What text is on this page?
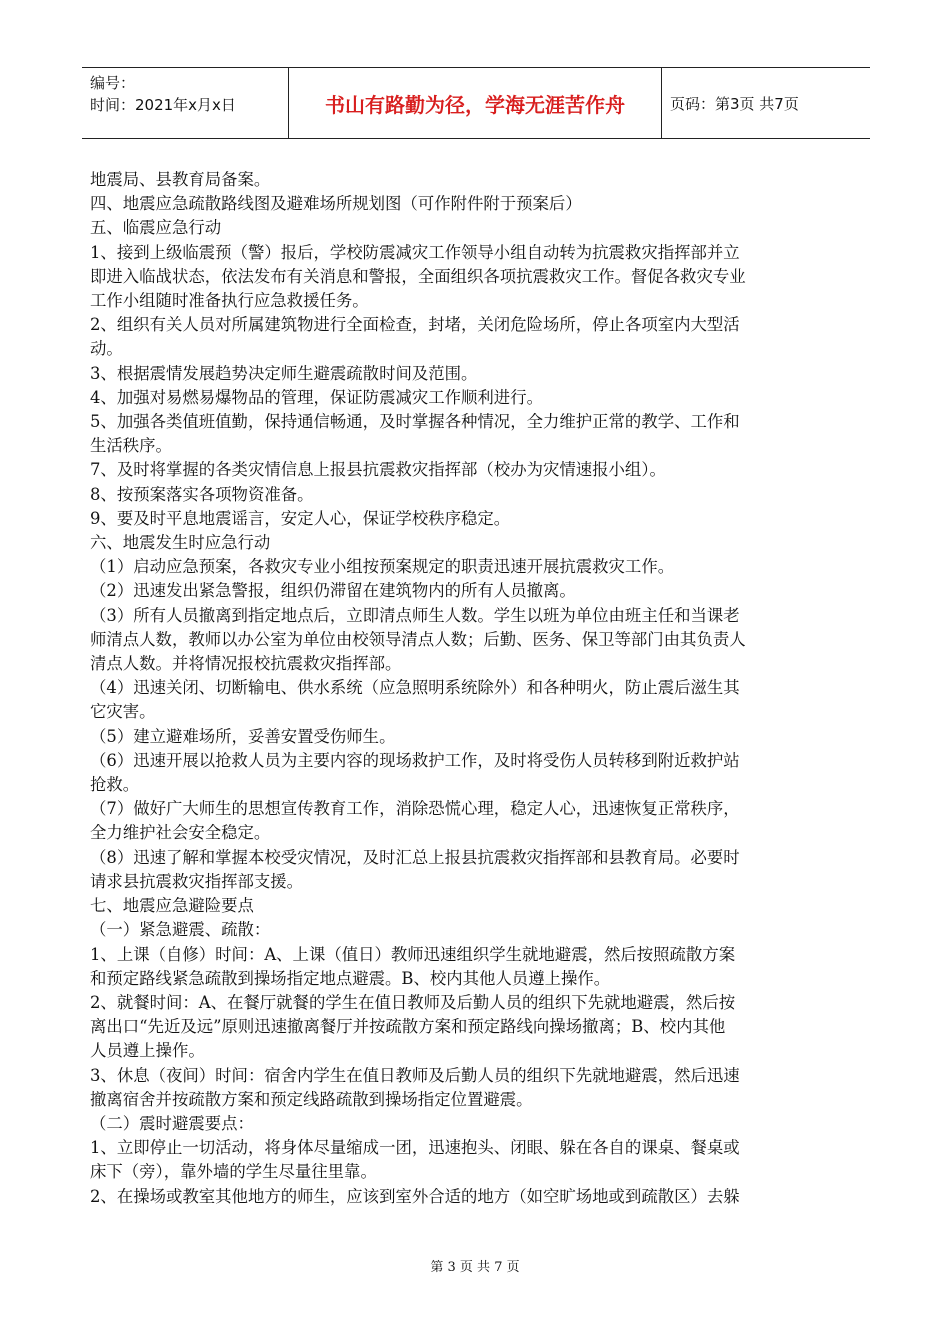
编号：
时间：2021年x月x日	书山有路勤为径，学海无涯苦作舟	页码：第3页 共7页
地震局、县教育局备案。
四、地震应急疏散路线图及避难场所规划图（可作附件附于预案后）
五、临震应急行动
1、接到上级临震预（警）报后，学校防震减灾工作领导小组自动转为抗震救灾指挥部并立
即进入临战状态，依法发布有关消息和警报，全面组织各项抗震救灾工作。督促各救灾专业
工作小组随时准备执行应急救援任务。
2、组织有关人员对所属建筑物进行全面检查，封堵，关闭危险场所，停止各项室内大型活
动。
3、根据震情发展趋势决定师生避震疏散时间及范围。
4、加强对易燃易爆物品的管理，保证防震减灾工作顺利进行。
5、加强各类值班值勤，保持通信畅通，及时掌握各种情况，全力维护正常的教学、工作和
生活秩序。
7、及时将掌握的各类灾情信息上报县抗震救灾指挥部（校办为灾情速报小组）。
8、按预案落实各项物资准备。
9、要及时平息地震谣言，安定人心，保证学校秩序稳定。
六、地震发生时应急行动
（1）启动应急预案，各救灾专业小组按预案规定的职责迅速开展抗震救灾工作。
（2）迅速发出紧急警报，组织仍滞留在建筑物内的所有人员撤离。
（3）所有人员撤离到指定地点后，立即清点师生人数。学生以班为单位由班主任和当课老
师清点人数，教师以办公室为单位由校领导清点人数；后勤、医务、保卫等部门由其负责人
清点人数。并将情况报校抗震救灾指挥部。
（4）迅速关闭、切断输电、供水系统（应急照明系统除外）和各种明火，防止震后滋生其
它灾害。
（5）建立避难场所，妥善安置受伤师生。
（6）迅速开展以抢救人员为主要内容的现场救护工作，及时将受伤人员转移到附近救护站
抢救。
（7）做好广大师生的思想宣传教育工作，消除恐慌心理，稳定人心，迅速恢复正常秩序，
全力维护社会安全稳定。
（8）迅速了解和掌握本校受灾情况，及时汇总上报县抗震救灾指挥部和县教育局。必要时
请求县抗震救灾指挥部支援。
七、地震应急避险要点
（一）紧急避震、疏散：
1、上课（自修）时间：A、上课（值日）教师迅速组织学生就地避震，然后按照疏散方案
和预定路线紧急疏散到操场指定地点避震。B、校内其他人员遵上操作。
2、就餐时间：A、在餐厅就餐的学生在值日教师及后勤人员的组织下先就地避震，然后按
离出口“先近及远”原则迅速撤离餐厅并按疏散方案和预定路线向操场撤离；B、校内其他
人员遵上操作。
3、休息（夜间）时间：宿舍内学生在值日教师及后勤人员的组织下先就地避震，然后迅速
撤离宿舍并按疏散方案和预定线路疏散到操场指定位置避震。
（二）震时避震要点：
1、立即停止一切活动，将身体尽量缩成一团，迅速抱头、闭眼、躲在各自的课桌、餐桌或
床下（旁），靠外墙的学生尽量往里靠。
2、在操场或教室其他地方的师生，应该到室外合适的地方（如空旷场地或到疏散区）去躲
第 3 页 共 7 页
